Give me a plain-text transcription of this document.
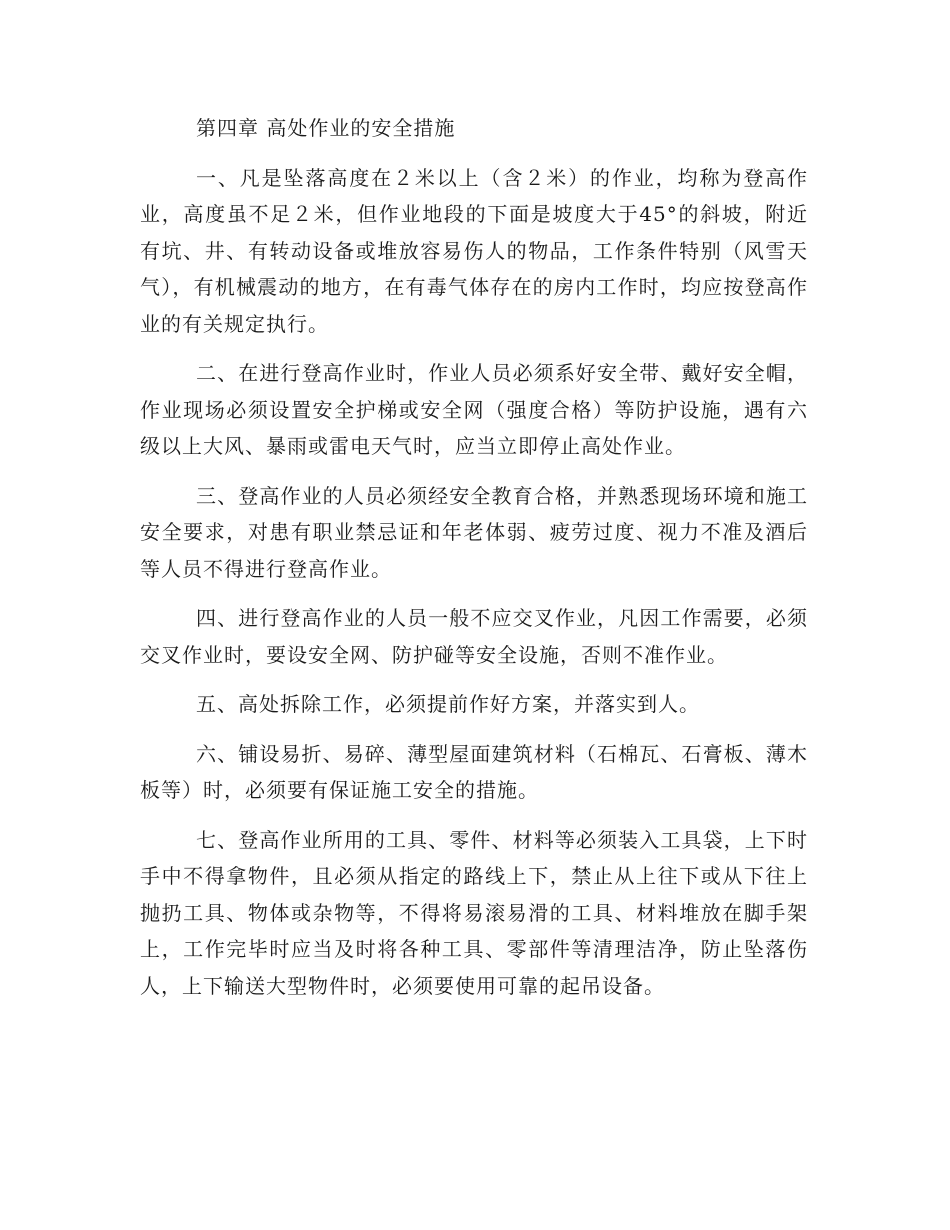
第四章 高处作业的安全措施

一、凡是坠落高度在２米以上（含２米）的作业，均称为登高作业，高度虽不足２米，但作业地段的下面是坡度大于45°的斜坡，附近有坑、井、有转动设备或堆放容易伤人的物品，工作条件特别（风雪天气），有机械震动的地方，在有毒气体存在的房内工作时，均应按登高作业的有关规定执行。

二、在进行登高作业时，作业人员必须系好安全带、戴好安全帽，作业现场必须设置安全护梯或安全网（强度合格）等防护设施，遇有六级以上大风、暴雨或雷电天气时，应当立即停止高处作业。

三、登高作业的人员必须经安全教育合格，并熟悉现场环境和施工安全要求，对患有职业禁忌证和年老体弱、疲劳过度、视力不准及酒后等人员不得进行登高作业。

四、进行登高作业的人员一般不应交叉作业，凡因工作需要，必须交叉作业时，要设安全网、防护碰等安全设施，否则不准作业。

五、高处拆除工作，必须提前作好方案，并落实到人。

六、铺设易折、易碎、薄型屋面建筑材料（石棉瓦、石膏板、薄木板等）时，必须要有保证施工安全的措施。

七、登高作业所用的工具、零件、材料等必须装入工具袋，上下时手中不得拿物件，且必须从指定的路线上下，禁止从上往下或从下往上抛扔工具、物体或杂物等，不得将易滚易滑的工具、材料堆放在脚手架上，工作完毕时应当及时将各种工具、零部件等清理洁净，防止坠落伤人，上下输送大型物件时，必须要使用可靠的起吊设备。
